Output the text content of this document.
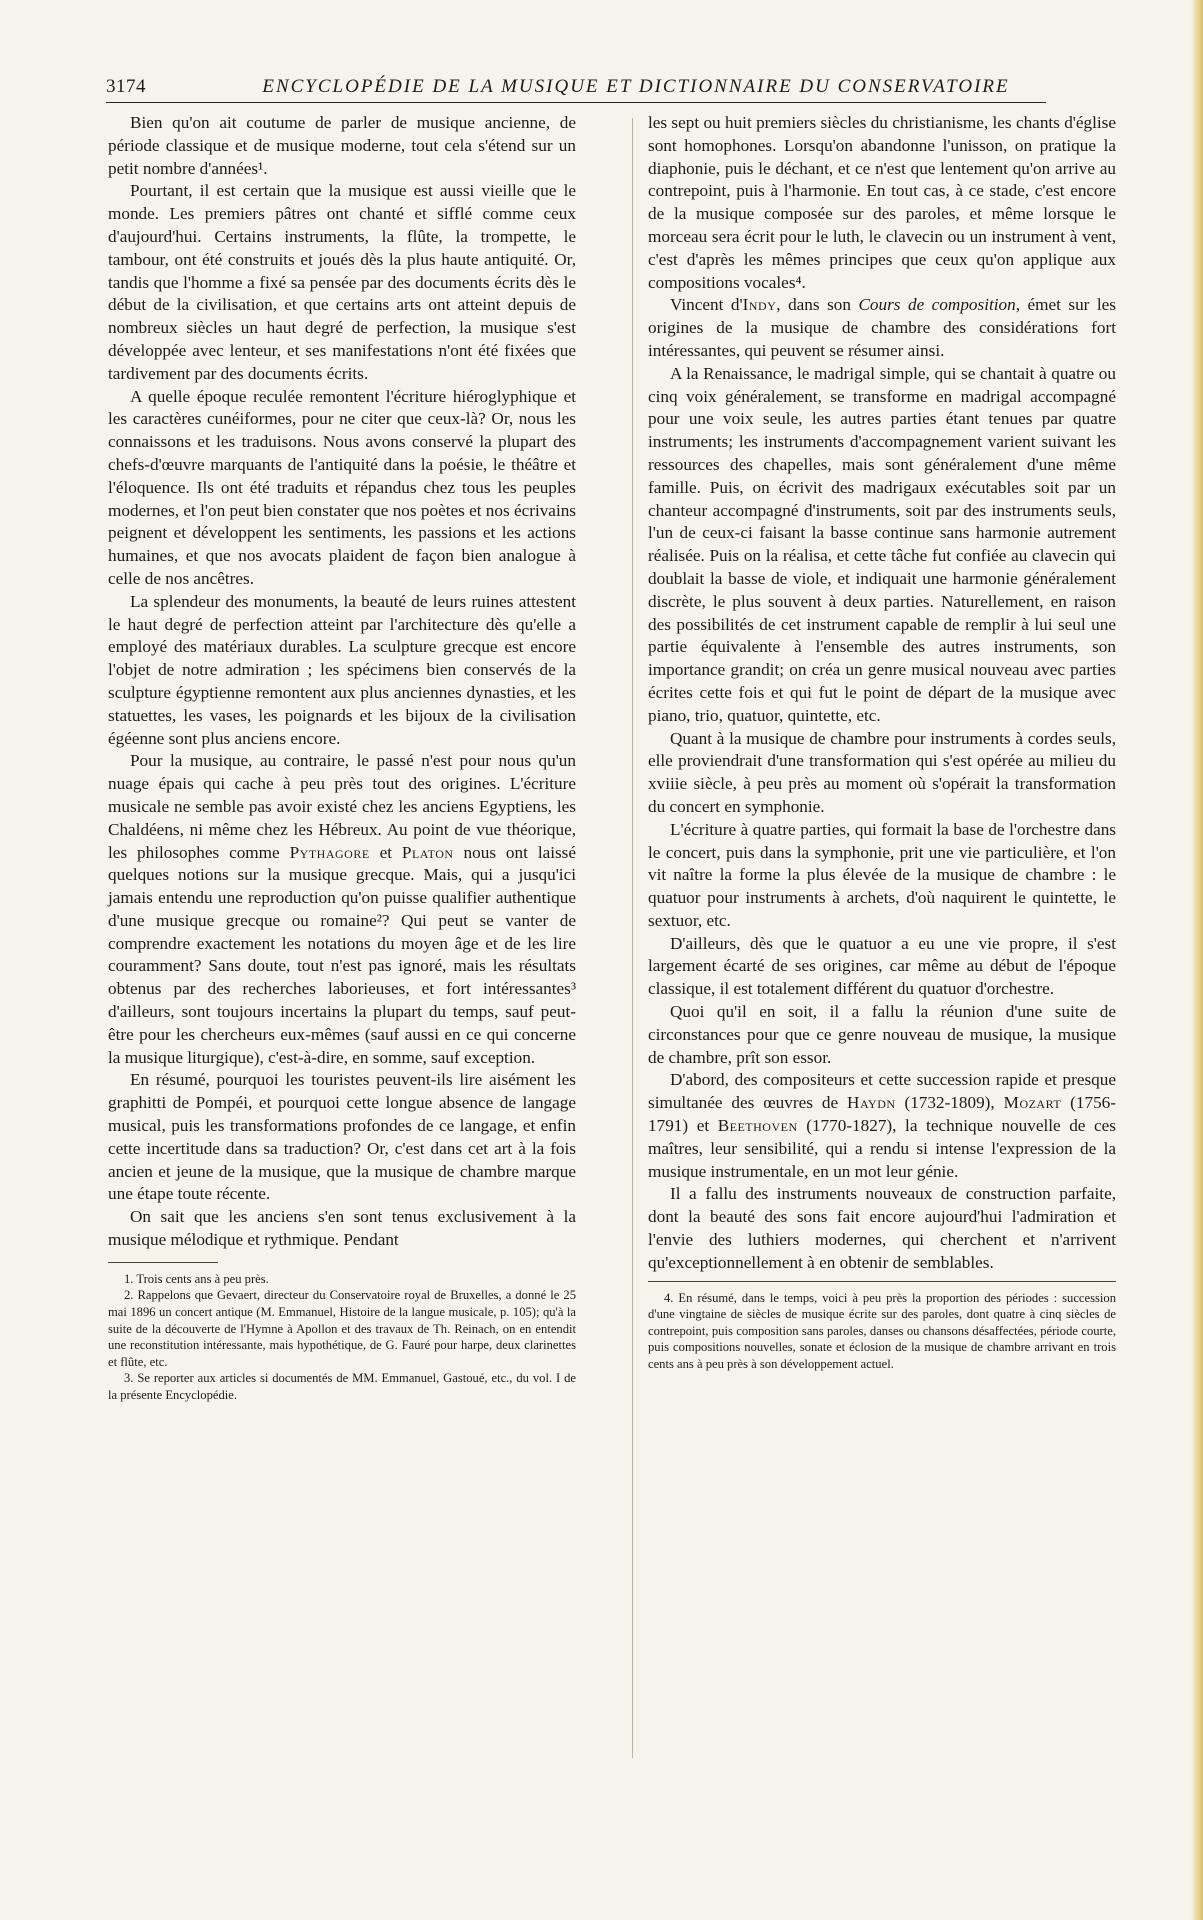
3174	ENCYCLOPÉDIE DE LA MUSIQUE ET DICTIONNAIRE DU CONSERVATOIRE

Bien qu'on ait coutume de parler de musique ancienne, de période classique et de musique moderne, tout cela s'étend sur un petit nombre d'années¹.

Pourtant, il est certain que la musique est aussi vieille que le monde. Les premiers pâtres ont chanté et sifflé comme ceux d'aujourd'hui. Certains instruments, la flûte, la trompette, le tambour, ont été construits et joués dès la plus haute antiquité. Or, tandis que l'homme a fixé sa pensée par des documents écrits dès le début de la civilisation, et que certains arts ont atteint depuis de nombreux siècles un haut degré de perfection, la musique s'est développée avec lenteur, et ses manifestations n'ont été fixées que tardivement par des documents écrits.

A quelle époque reculée remontent l'écriture hiéroglyphique et les caractères cunéiformes, pour ne citer que ceux-là? Or, nous les connaissons et les traduisons. Nous avons conservé la plupart des chefs-d'œuvre marquants de l'antiquité dans la poésie, le théâtre et l'éloquence. Ils ont été traduits et répandus chez tous les peuples modernes, et l'on peut bien constater que nos poètes et nos écrivains peignent et développent les sentiments, les passions et les actions humaines, et que nos avocats plaident de façon bien analogue à celle de nos ancêtres.

La splendeur des monuments, la beauté de leurs ruines attestent le haut degré de perfection atteint par l'architecture dès qu'elle a employé des matériaux durables. La sculpture grecque est encore l'objet de notre admiration ; les spécimens bien conservés de la sculpture égyptienne remontent aux plus anciennes dynasties, et les statuettes, les vases, les poignards et les bijoux de la civilisation égéenne sont plus anciens encore.

Pour la musique, au contraire, le passé n'est pour nous qu'un nuage épais qui cache à peu près tout des origines. L'écriture musicale ne semble pas avoir existé chez les anciens Egyptiens, les Chaldéens, ni même chez les Hébreux. Au point de vue théorique, les philosophes comme Pythagore et Platon nous ont laissé quelques notions sur la musique grecque. Mais, qui a jusqu'ici jamais entendu une reproduction qu'on puisse qualifier authentique d'une musique grecque ou romaine²? Qui peut se vanter de comprendre exactement les notations du moyen âge et de les lire couramment? Sans doute, tout n'est pas ignoré, mais les résultats obtenus par des recherches laborieuses, et fort intéressantes³ d'ailleurs, sont toujours incertains la plupart du temps, sauf peut-être pour les chercheurs eux-mêmes (sauf aussi en ce qui concerne la musique liturgique), c'est-à-dire, en somme, sauf exception.

En résumé, pourquoi les touristes peuvent-ils lire aisément les graphitti de Pompéi, et pourquoi cette longue absence de langage musical, puis les transformations profondes de ce langage, et enfin cette incertitude dans sa traduction? Or, c'est dans cet art à la fois ancien et jeune de la musique, que la musique de chambre marque une étape toute récente.

On sait que les anciens s'en sont tenus exclusivement à la musique mélodique et rythmique. Pendant

1. Trois cents ans à peu près.

2. Rappelons que Gevaert, directeur du Conservatoire royal de Bruxelles, a donné le 25 mai 1896 un concert antique (M. Emmanuel, Histoire de la langue musicale, p. 105); qu'à la suite de la découverte de l'Hymne à Apollon et des travaux de Th. Reinach, on en entendit une reconstitution intéressante, mais hypothétique, de G. Fauré pour harpe, deux clarinettes et flûte, etc.

3. Se reporter aux articles si documentés de MM. Emmanuel, Gastoué, etc., du vol. I de la présente Encyclopédie.

les sept ou huit premiers siècles du christianisme, les chants d'église sont homophones. Lorsqu'on abandonne l'unisson, on pratique la diaphonie, puis le déchant, et ce n'est que lentement qu'on arrive au contrepoint, puis à l'harmonie. En tout cas, à ce stade, c'est encore de la musique composée sur des paroles, et même lorsque le morceau sera écrit pour le luth, le clavecin ou un instrument à vent, c'est d'après les mêmes principes que ceux qu'on applique aux compositions vocales⁴.

Vincent d'Indy, dans son Cours de composition, émet sur les origines de la musique de chambre des considérations fort intéressantes, qui peuvent se résumer ainsi.

A la Renaissance, le madrigal simple, qui se chantait à quatre ou cinq voix généralement, se transforme en madrigal accompagné pour une voix seule, les autres parties étant tenues par quatre instruments; les instruments d'accompagnement varient suivant les ressources des chapelles, mais sont généralement d'une même famille. Puis, on écrivit des madrigaux exécutables soit par un chanteur accompagné d'instruments, soit par des instruments seuls, l'un de ceux-ci faisant la basse continue sans harmonie autrement réalisée. Puis on la réalisa, et cette tâche fut confiée au clavecin qui doublait la basse de viole, et indiquait une harmonie généralement discrète, le plus souvent à deux parties. Naturellement, en raison des possibilités de cet instrument capable de remplir à lui seul une partie équivalente à l'ensemble des autres instruments, son importance grandit; on créa un genre musical nouveau avec parties écrites cette fois et qui fut le point de départ de la musique avec piano, trio, quatuor, quintette, etc.

Quant à la musique de chambre pour instruments à cordes seuls, elle proviendrait d'une transformation qui s'est opérée au milieu du xviiie siècle, à peu près au moment où s'opérait la transformation du concert en symphonie.

L'écriture à quatre parties, qui formait la base de l'orchestre dans le concert, puis dans la symphonie, prit une vie particulière, et l'on vit naître la forme la plus élevée de la musique de chambre : le quatuor pour instruments à archets, d'où naquirent le quintette, le sextuor, etc.

D'ailleurs, dès que le quatuor a eu une vie propre, il s'est largement écarté de ses origines, car même au début de l'époque classique, il est totalement différent du quatuor d'orchestre.

Quoi qu'il en soit, il a fallu la réunion d'une suite de circonstances pour que ce genre nouveau de musique, la musique de chambre, prît son essor.

D'abord, des compositeurs et cette succession rapide et presque simultanée des œuvres de Haydn (1732-1809), Mozart (1756-1791) et Beethoven (1770-1827), la technique nouvelle de ces maîtres, leur sensibilité, qui a rendu si intense l'expression de la musique instrumentale, en un mot leur génie.

Il a fallu des instruments nouveaux de construction parfaite, dont la beauté des sons fait encore aujourd'hui l'admiration et l'envie des luthiers modernes, qui cherchent et n'arrivent qu'exceptionnellement à en obtenir de semblables.

4. En résumé, dans le temps, voici à peu près la proportion des périodes : succession d'une vingtaine de siècles de musique écrite sur des paroles, dont quatre à cinq siècles de contrepoint, puis composition sans paroles, danses ou chansons désaffectées, période courte, puis compositions nouvelles, sonate et éclosion de la musique de chambre arrivant en trois cents ans à peu près à son développement actuel.
